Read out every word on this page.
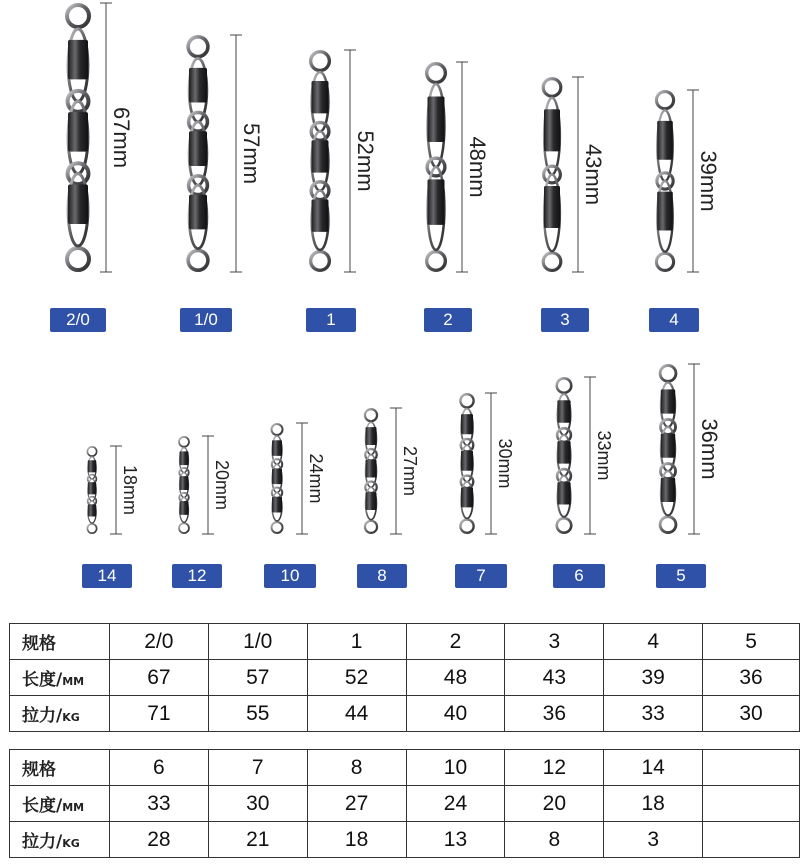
67mm	57mm	52mm	48mm	43mm	39mm
18mm	20mm	24mm	27mm	30mm	33mm	36mm
2/0	1/0	1	2	3	4
14	12	10	8	7	6	5
规格	2/0	1/0	1	2	3	4	5
长度/MM	67	57	52	48	43	39	36
拉力/KG	71	55	44	40	36	33	30
规格	6	7	8	10	12	14	
长度/MM	33	30	27	24	20	18	
拉力/KG	28	21	18	13	8	3	
